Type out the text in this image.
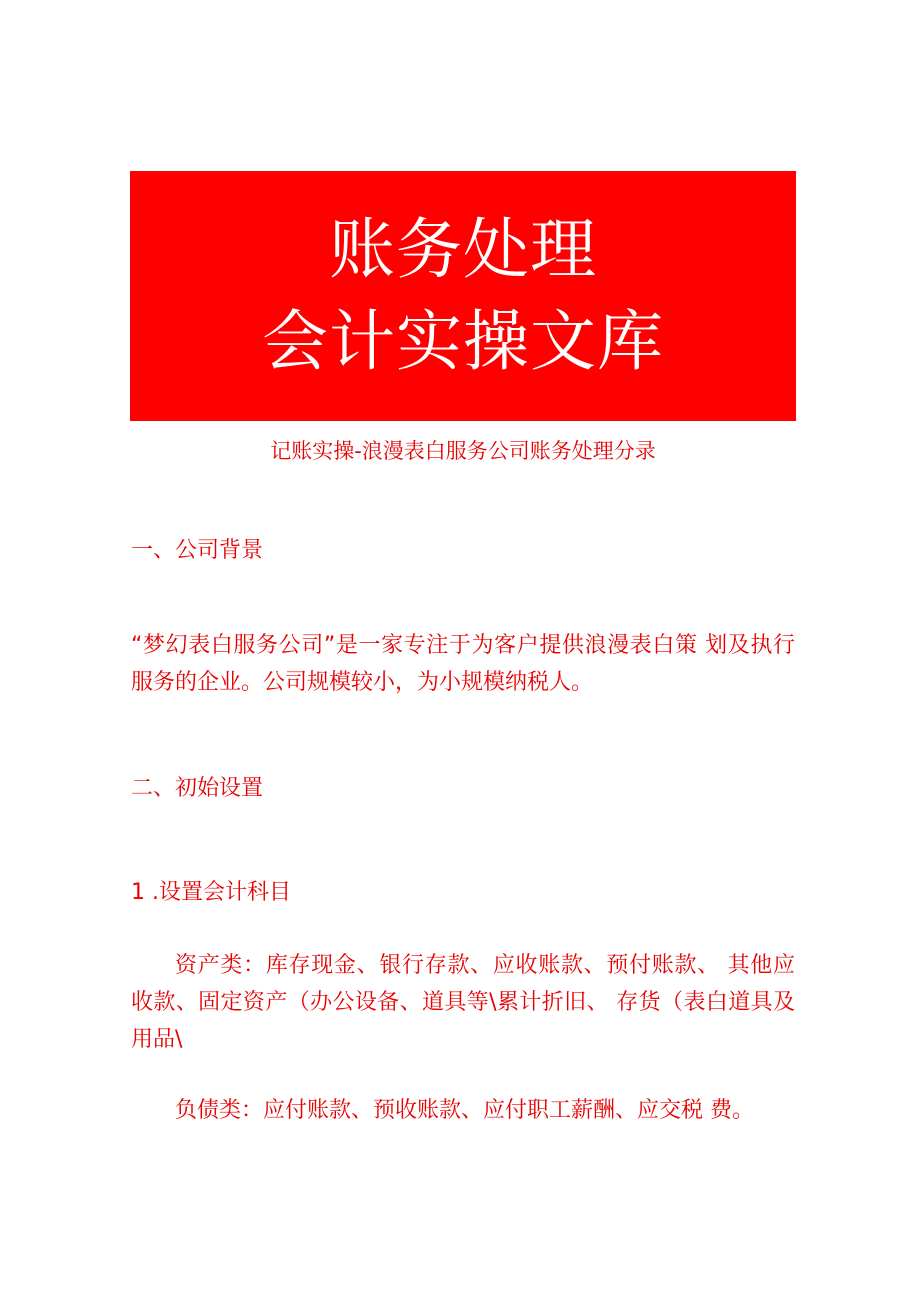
账务处理
会计实操文库
记账实操-浪漫表白服务公司账务处理分录
一、公司背景
“梦幻表白服务公司”是一家专注于为客户提供浪漫表白策 划及执行服务的企业。公司规模较小，为小规模纳税人。
二、初始设置
1 .设置会计科目
资产类：库存现金、银行存款、应收账款、预付账款、 其他应收款、固定资产（办公设备、道具等\累计折旧、 存货（表白道具及用品\
负债类：应付账款、预收账款、应付职工薪酬、应交税 费。
